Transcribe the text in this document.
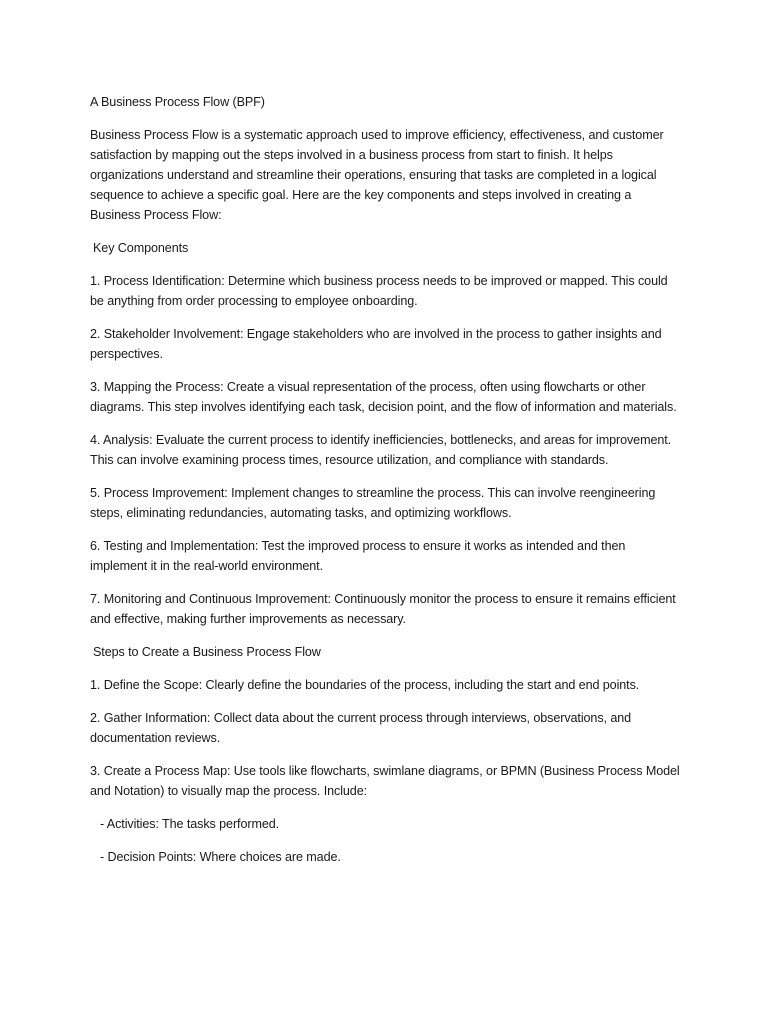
A Business Process Flow (BPF)

Business Process Flow is a systematic approach used to improve efficiency, effectiveness, and customer satisfaction by mapping out the steps involved in a business process from start to finish. It helps organizations understand and streamline their operations, ensuring that tasks are completed in a logical sequence to achieve a specific goal. Here are the key components and steps involved in creating a Business Process Flow:

Key Components

1. Process Identification: Determine which business process needs to be improved or mapped. This could be anything from order processing to employee onboarding.

2. Stakeholder Involvement: Engage stakeholders who are involved in the process to gather insights and perspectives.

3. Mapping the Process: Create a visual representation of the process, often using flowcharts or other diagrams. This step involves identifying each task, decision point, and the flow of information and materials.

4. Analysis: Evaluate the current process to identify inefficiencies, bottlenecks, and areas for improvement. This can involve examining process times, resource utilization, and compliance with standards.

5. Process Improvement: Implement changes to streamline the process. This can involve reengineering steps, eliminating redundancies, automating tasks, and optimizing workflows.

6. Testing and Implementation: Test the improved process to ensure it works as intended and then implement it in the real-world environment.

7. Monitoring and Continuous Improvement: Continuously monitor the process to ensure it remains efficient and effective, making further improvements as necessary.

Steps to Create a Business Process Flow

1. Define the Scope: Clearly define the boundaries of the process, including the start and end points.

2. Gather Information: Collect data about the current process through interviews, observations, and documentation reviews.

3. Create a Process Map: Use tools like flowcharts, swimlane diagrams, or BPMN (Business Process Model and Notation) to visually map the process. Include:

- Activities: The tasks performed.

- Decision Points: Where choices are made.
